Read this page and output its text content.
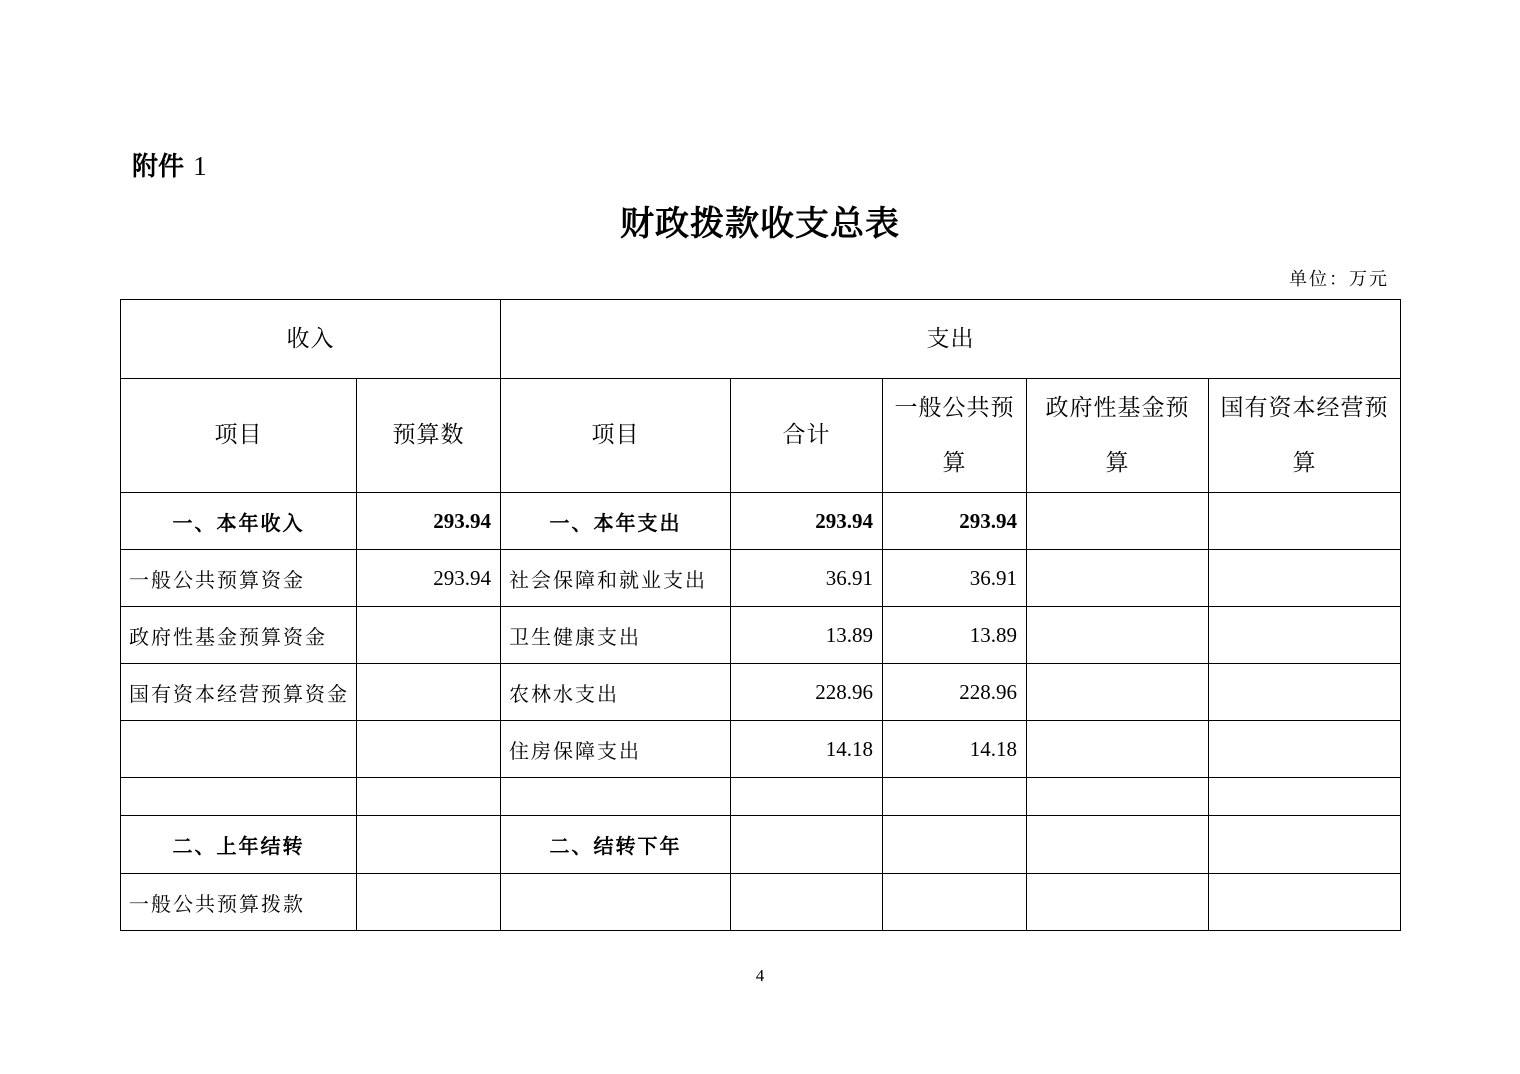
附件 1
财政拨款收支总表
单位：万元
收入		支出				
项目	预算数	项目	合计	一般公共预算	政府性基金预算	国有资本经营预算
一、本年收入	293.94	一、本年支出	293.94	293.94		
一般公共预算资金	293.94	社会保障和就业支出	36.91	36.91		
政府性基金预算资金		卫生健康支出	13.89	13.89		
国有资本经营预算资金		农林水支出	228.96	228.96		
		住房保障支出	14.18	14.18		

二、上年结转		二、结转下年				
一般公共预算拨款						
4
